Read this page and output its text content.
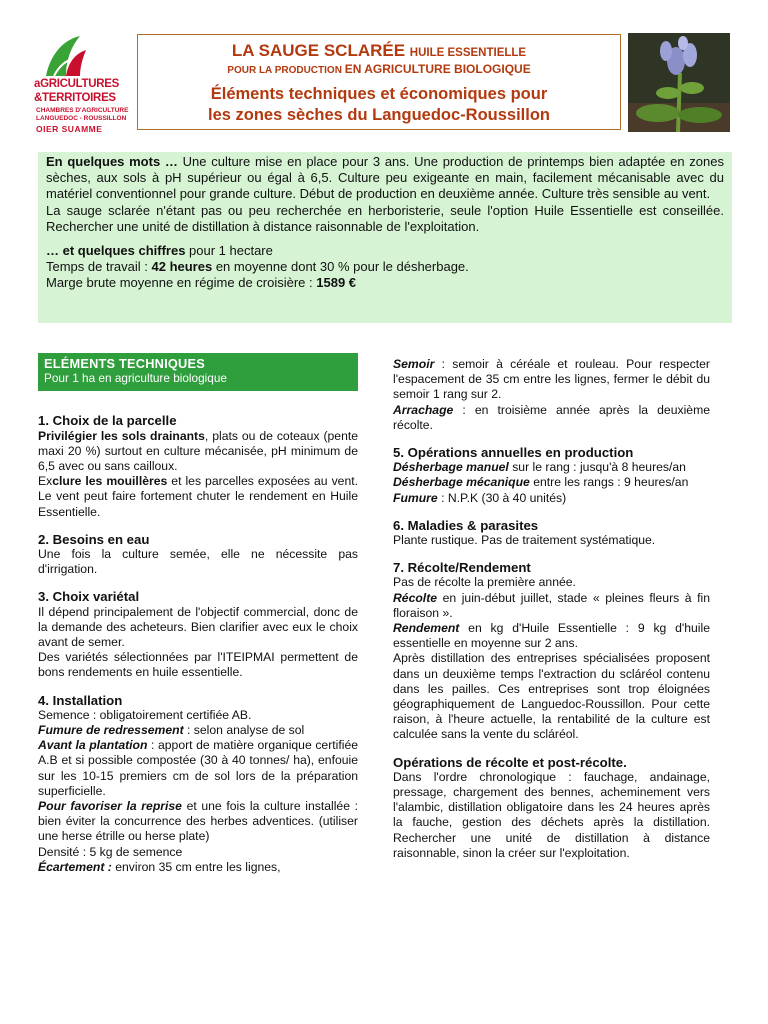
aGRICULTURES
&TERRITOIRES
CHAMBRES D'AGRICULTURE
LANGUEDOC - ROUSSILLON
OIER SUAMME
LA SAUGE SCLARÉE HUILE ESSENTIELLE
POUR LA PRODUCTION EN AGRICULTURE BIOLOGIQUE
Éléments techniques et économiques pour
les zones sèches du Languedoc-Roussillon

En quelques mots … Une culture mise en place pour 3 ans. Une production de printemps bien adaptée en zones sèches, aux sols à pH supérieur ou égal à 6,5. Culture peu exigeante en main, facilement mécanisable avec du matériel conventionnel pour grande culture. Début de production en deuxième année. Culture très sensible au vent.

La sauge sclarée n'étant pas ou peu recherchée en herboristerie, seule l'option Huile Essentielle est conseillée. Rechercher une unité de distillation à distance raisonnable de l'exploitation.

… et quelques chiffres pour 1 hectare

Temps de travail : 42 heures en moyenne dont 30 % pour le désherbage.

Marge brute moyenne en régime de croisière : 1589 €

ELÉMENTS TECHNIQUES
Pour 1 ha en agriculture biologique

1. Choix de la parcelle

Privilégier les sols drainants, plats ou de coteaux (pente maxi 20 %) surtout en culture mécanisée, pH minimum de 6,5 avec ou sans cailloux.

Exclure les mouillères et les parcelles exposées au vent. Le vent peut faire fortement chuter le rendement en Huile Essentielle.

2. Besoins en eau

Une fois la culture semée, elle ne nécessite pas d'irrigation.

3. Choix variétal

Il dépend principalement de l'objectif commercial, donc de la demande des acheteurs. Bien clarifier avec eux le choix avant de semer.

Des variétés sélectionnées par l'ITEIPMAI permettent de bons rendements en huile essentielle.

4. Installation

Semence : obligatoirement certifiée AB.

Fumure de redressement : selon analyse de sol

Avant la plantation : apport de matière organique certifiée A.B et si possible compostée (30 à 40 tonnes/ ha), enfouie sur les 10-15 premiers cm de sol lors de la préparation superficielle.

Pour favoriser la reprise et une fois la culture installée : bien éviter la concurrence des herbes adventices. (utiliser une herse étrille ou herse plate)

Densité : 5 kg de semence

Écartement : environ 35 cm entre les lignes,

Semoir : semoir à céréale et rouleau. Pour respecter l'espacement de 35 cm entre les lignes, fermer le débit du semoir 1 rang sur 2.

Arrachage : en troisième année après la deuxième récolte.

5. Opérations annuelles en production

Désherbage manuel sur le rang : jusqu'à 8 heures/an

Désherbage mécanique entre les rangs : 9 heures/an

Fumure : N.P.K (30 à 40 unités)

6. Maladies & parasites

Plante rustique. Pas de traitement systématique.

7. Récolte/Rendement

Pas de récolte la première année.

Récolte en juin-début juillet, stade « pleines fleurs à fin floraison ».

Rendement en kg d'Huile Essentielle : 9 kg d'huile essentielle en moyenne sur 2 ans.

Après distillation des entreprises spécialisées proposent dans un deuxième temps l'extraction du scláréol contenu dans les pailles. Ces entreprises sont trop éloignées géographiquement de Languedoc-Roussillon. Pour cette raison, à l'heure actuelle, la rentabilité de la culture est calculée sans la vente du scláréol.

Opérations de récolte et post-récolte.

Dans l'ordre chronologique : fauchage, andainage, pressage, chargement des bennes, acheminement vers l'alambic, distillation obligatoire dans les 24 heures après la fauche, gestion des déchets après la distillation. Rechercher une unité de distillation à distance raisonnable, sinon la créer sur l'exploitation.
